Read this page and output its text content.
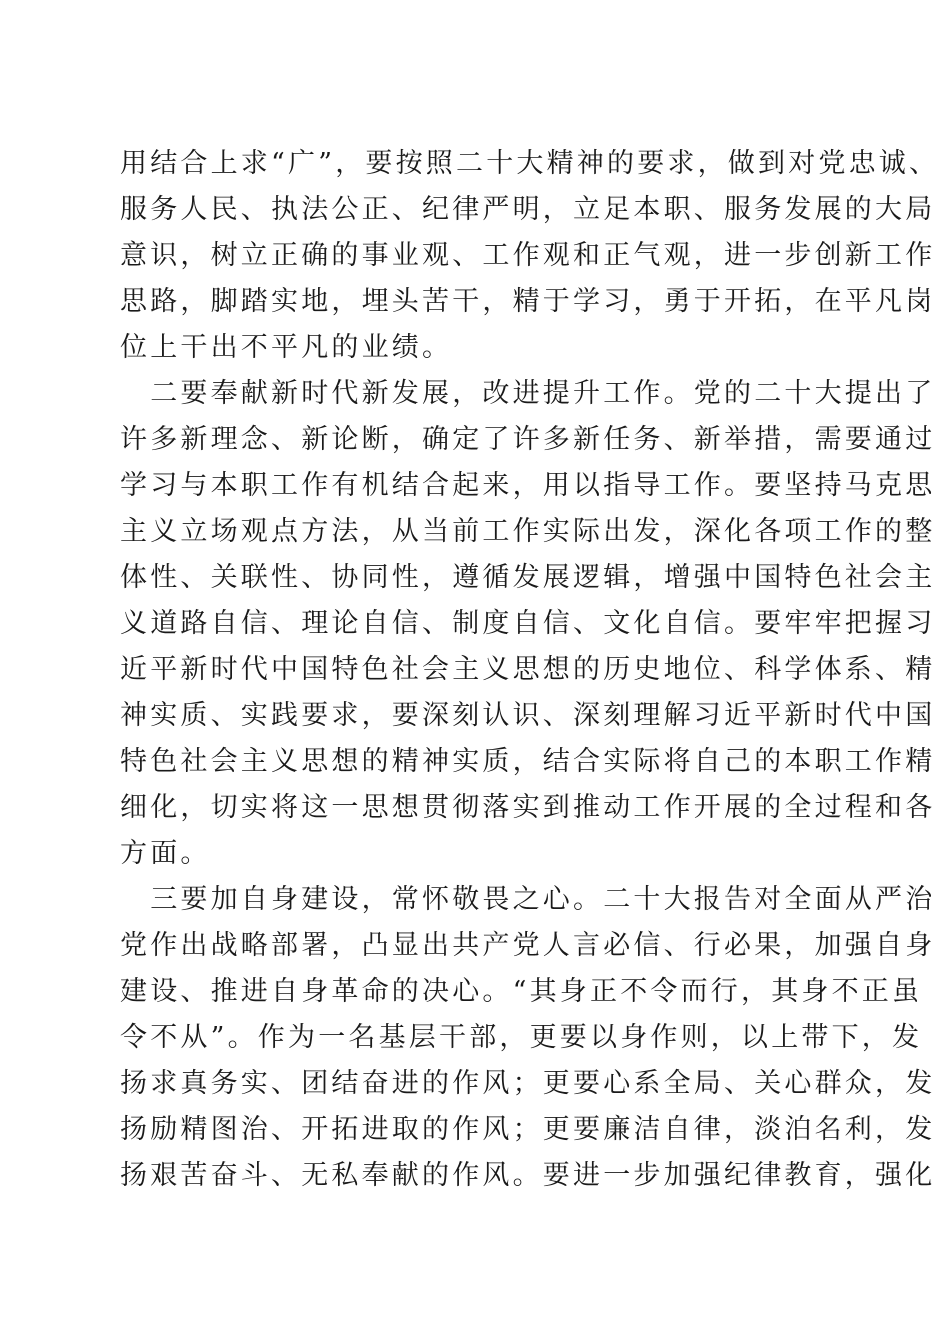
用结合上求“广”，要按照二十大精神的要求，做到对党忠诚、
服务人民、执法公正、纪律严明，立足本职、服务发展的大局
意识，树立正确的事业观、工作观和正气观，进一步创新工作
思路，脚踏实地，埋头苦干，精于学习，勇于开拓，在平凡岗
位上干出不平凡的业绩。
　二要奉献新时代新发展，改进提升工作。党的二十大提出了
许多新理念、新论断，确定了许多新任务、新举措，需要通过
学习与本职工作有机结合起来，用以指导工作。要坚持马克思
主义立场观点方法，从当前工作实际出发，深化各项工作的整
体性、关联性、协同性，遵循发展逻辑，增强中国特色社会主
义道路自信、理论自信、制度自信、文化自信。要牢牢把握习
近平新时代中国特色社会主义思想的历史地位、科学体系、精
神实质、实践要求，要深刻认识、深刻理解习近平新时代中国
特色社会主义思想的精神实质，结合实际将自己的本职工作精
细化，切实将这一思想贯彻落实到推动工作开展的全过程和各
方面。
　三要加自身建设，常怀敬畏之心。二十大报告对全面从严治
党作出战略部署，凸显出共产党人言必信、行必果，加强自身
建设、推进自身革命的决心。“其身正不令而行，其身不正虽
令不从”。作为一名基层干部，更要以身作则，以上带下，发
扬求真务实、团结奋进的作风；更要心系全局、关心群众，发
扬励精图治、开拓进取的作风；更要廉洁自律，淡泊名利，发
扬艰苦奋斗、无私奉献的作风。要进一步加强纪律教育，强化
